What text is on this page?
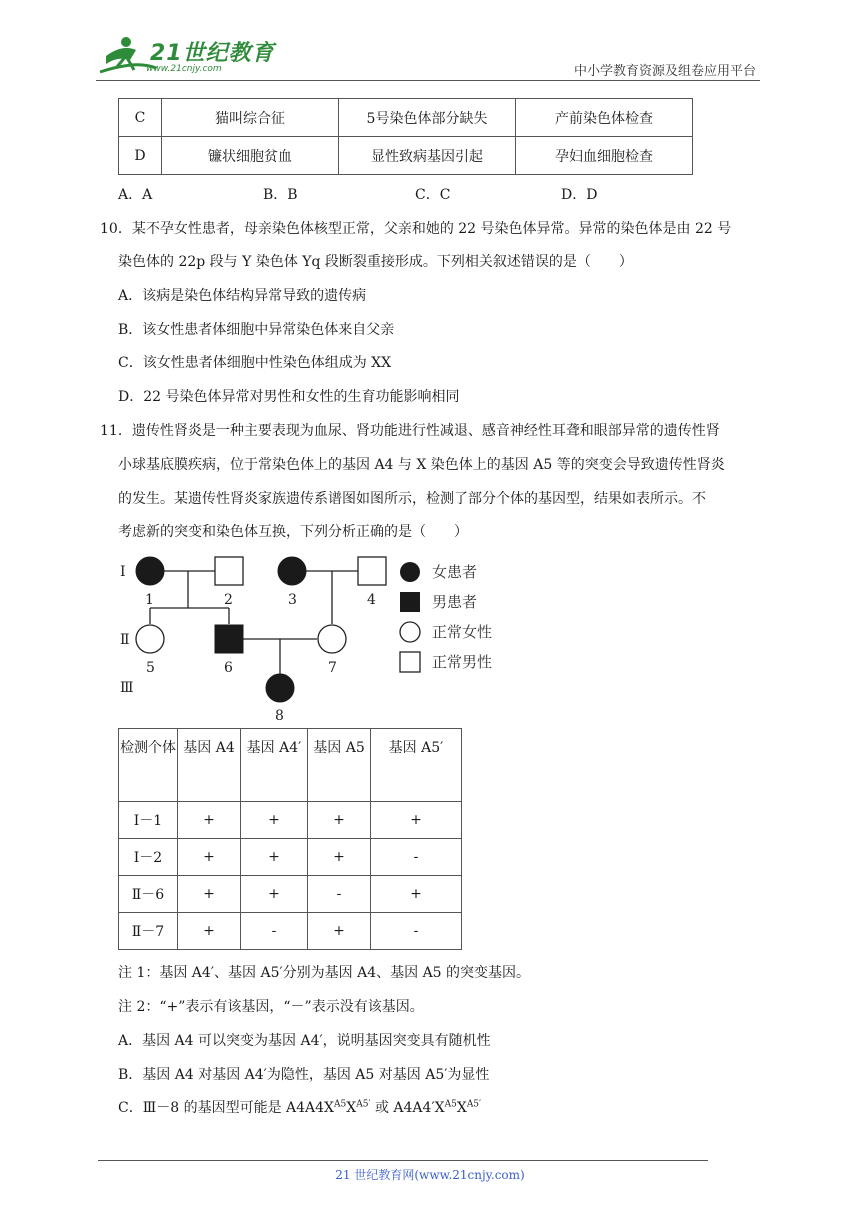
21世纪教育
www.21cnjy.com	中小学教育资源及组卷应用平台
C	猫叫综合征	5号染色体部分缺失	产前染色体检查
D	镰状细胞贫血	显性致病基因引起	孕妇血细胞检查
A．A	B．B	C．C	D．D
10．某不孕女性患者，母亲染色体核型正常，父亲和她的 22 号染色体异常。异常的染色体是由 22 号
染色体的 22p 段与 Y 染色体 Yq 段断裂重接形成。下列相关叙述错误的是（　　）
A．该病是染色体结构异常导致的遗传病
B．该女性患者体细胞中异常染色体来自父亲
C．该女性患者体细胞中性染色体组成为 XX
D．22 号染色体异常对男性和女性的生育功能影响相同
11．遗传性肾炎是一种主要表现为血尿、肾功能进行性减退、感音神经性耳聋和眼部异常的遗传性肾
小球基底膜疾病，位于常染色体上的基因 A4 与 X 染色体上的基因 A5 等的突变会导致遗传性肾炎
的发生。某遗传性肾炎家族遗传系谱图如图所示，检测了部分个体的基因型，结果如表所示。不
考虑新的突变和染色体互换，下列分析正确的是（　　）
Ⅰ
Ⅱ
Ⅲ
1	2	3	4
5	6	7
8
女患者
男患者
正常女性
正常男性
检测个体	基因 A4	基因 A4′	基因 A5	基因 A5′
Ⅰ－1	+	+	+	+
Ⅰ－2	+	+	+	-
Ⅱ－6	+	+	-	+
Ⅱ－7	+	-	+	-
注 1：基因 A4′、基因 A5′分别为基因 A4、基因 A5 的突变基因。
注 2：“+”表示有该基因，“－”表示没有该基因。
A．基因 A4 可以突变为基因 A4′，说明基因突变具有随机性
B．基因 A4 对基因 A4′为隐性，基因 A5 对基因 A5′为显性
C．Ⅲ－8 的基因型可能是 $A4A4X^{A5}X^{A5'}$ 或 $A4A4'X^{A5}X^{A5'}$
21 世纪教育网(www.21cnjy.com)
